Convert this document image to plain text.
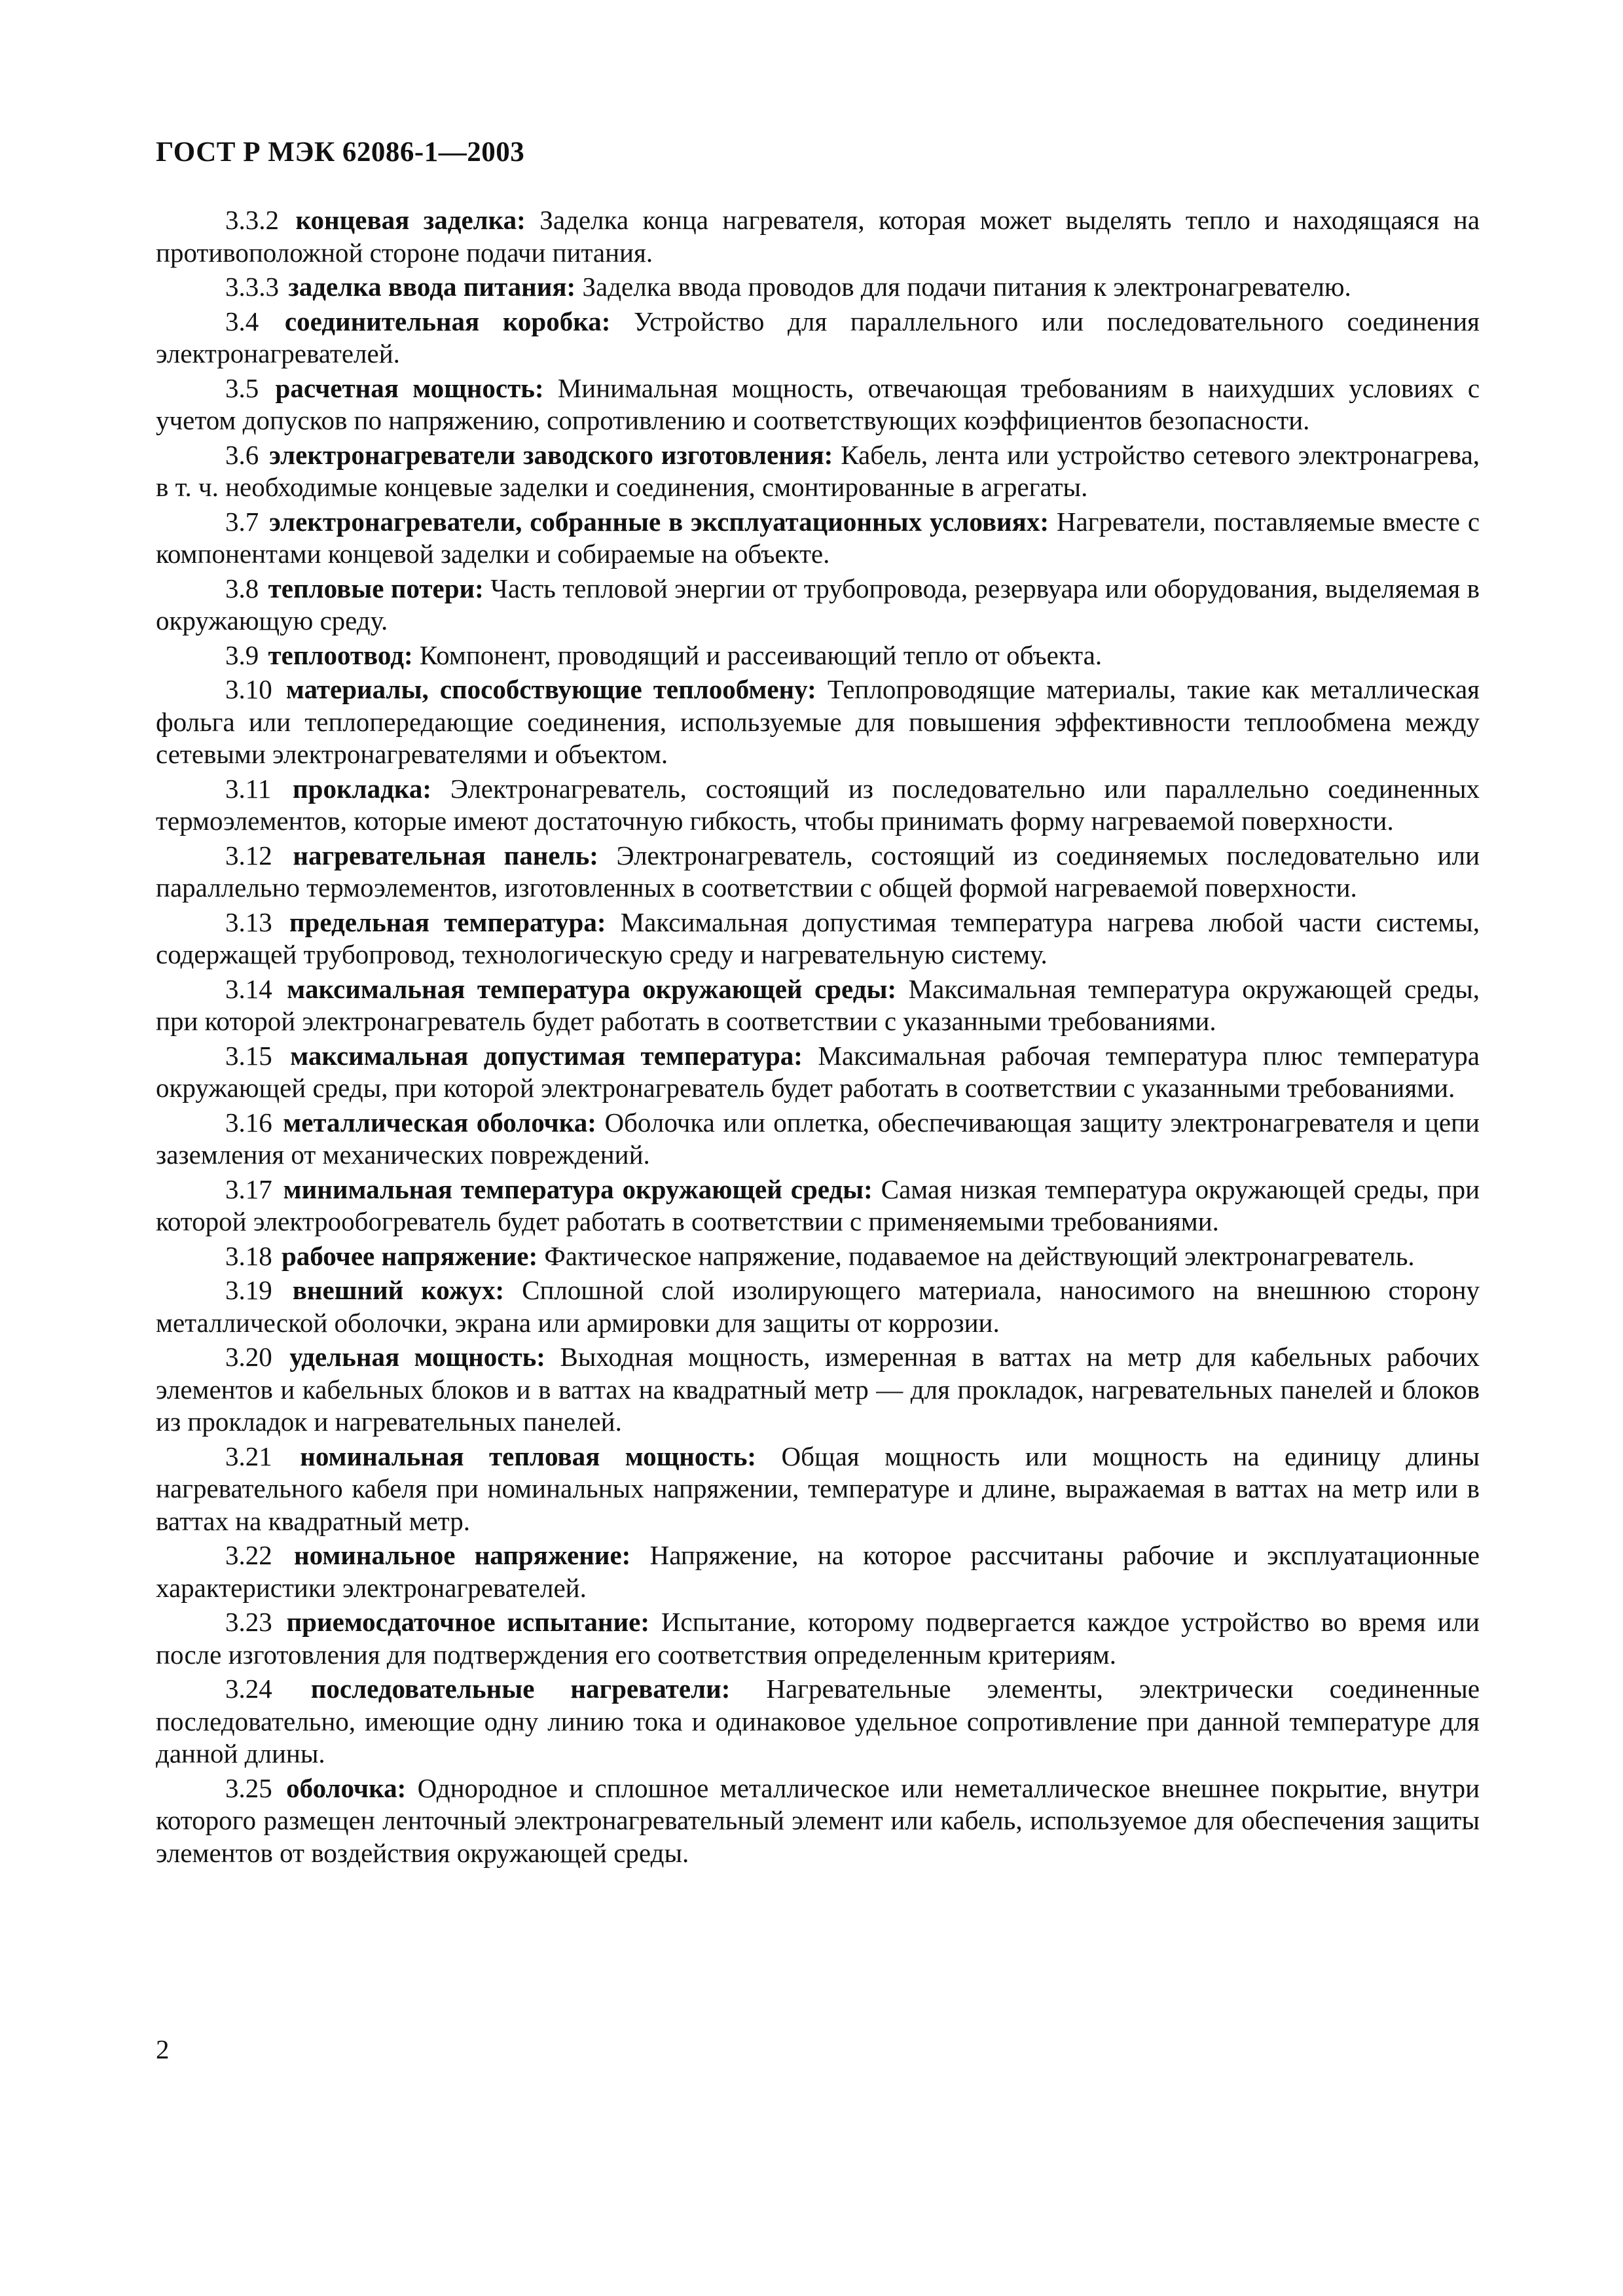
ГОСТ Р МЭК 62086-1—2003

3.3.2 концевая заделка: Заделка конца нагревателя, которая может выделять тепло и находящаяся на противоположной стороне подачи питания.

3.3.3 заделка ввода питания: Заделка ввода проводов для подачи питания к электронагревателю.

3.4 соединительная коробка: Устройство для параллельного или последовательного соединения электронагревателей.

3.5 расчетная мощность: Минимальная мощность, отвечающая требованиям в наихудших условиях с учетом допусков по напряжению, сопротивлению и соответствующих коэффициентов безопасности.

3.6 электронагреватели заводского изготовления: Кабель, лента или устройство сетевого электронагрева, в т. ч. необходимые концевые заделки и соединения, смонтированные в агрегаты.

3.7 электронагреватели, собранные в эксплуатационных условиях: Нагреватели, поставляемые вместе с компонентами концевой заделки и собираемые на объекте.

3.8 тепловые потери: Часть тепловой энергии от трубопровода, резервуара или оборудования, выделяемая в окружающую среду.

3.9 теплоотвод: Компонент, проводящий и рассеивающий тепло от объекта.

3.10 материалы, способствующие теплообмену: Теплопроводящие материалы, такие как металлическая фольга или теплопередающие соединения, используемые для повышения эффективности теплообмена между сетевыми электронагревателями и объектом.

3.11 прокладка: Электронагреватель, состоящий из последовательно или параллельно соединенных термоэлементов, которые имеют достаточную гибкость, чтобы принимать форму нагреваемой поверхности.

3.12 нагревательная панель: Электронагреватель, состоящий из соединяемых последовательно или параллельно термоэлементов, изготовленных в соответствии с общей формой нагреваемой поверхности.

3.13 предельная температура: Максимальная допустимая температура нагрева любой части системы, содержащей трубопровод, технологическую среду и нагревательную систему.

3.14 максимальная температура окружающей среды: Максимальная температура окружающей среды, при которой электронагреватель будет работать в соответствии с указанными требованиями.

3.15 максимальная допустимая температура: Максимальная рабочая температура плюс температура окружающей среды, при которой электронагреватель будет работать в соответствии с указанными требованиями.

3.16 металлическая оболочка: Оболочка или оплетка, обеспечивающая защиту электронагревателя и цепи заземления от механических повреждений.

3.17 минимальная температура окружающей среды: Самая низкая температура окружающей среды, при которой электрообогреватель будет работать в соответствии с применяемыми требованиями.

3.18 рабочее напряжение: Фактическое напряжение, подаваемое на действующий электронагреватель.

3.19 внешний кожух: Сплошной слой изолирующего материала, наносимого на внешнюю сторону металлической оболочки, экрана или армировки для защиты от коррозии.

3.20 удельная мощность: Выходная мощность, измеренная в ваттах на метр для кабельных рабочих элементов и кабельных блоков и в ваттах на квадратный метр — для прокладок, нагревательных панелей и блоков из прокладок и нагревательных панелей.

3.21 номинальная тепловая мощность: Общая мощность или мощность на единицу длины нагревательного кабеля при номинальных напряжении, температуре и длине, выражаемая в ваттах на метр или в ваттах на квадратный метр.

3.22 номинальное напряжение: Напряжение, на которое рассчитаны рабочие и эксплуатационные характеристики электронагревателей.

3.23 приемосдаточное испытание: Испытание, которому подвергается каждое устройство во время или после изготовления для подтверждения его соответствия определенным критериям.

3.24 последовательные нагреватели: Нагревательные элементы, электрически соединенные последовательно, имеющие одну линию тока и одинаковое удельное сопротивление при данной температуре для данной длины.

3.25 оболочка: Однородное и сплошное металлическое или неметаллическое внешнее покрытие, внутри которого размещен ленточный электронагревательный элемент или кабель, используемое для обеспечения защиты элементов от воздействия окружающей среды.

2
